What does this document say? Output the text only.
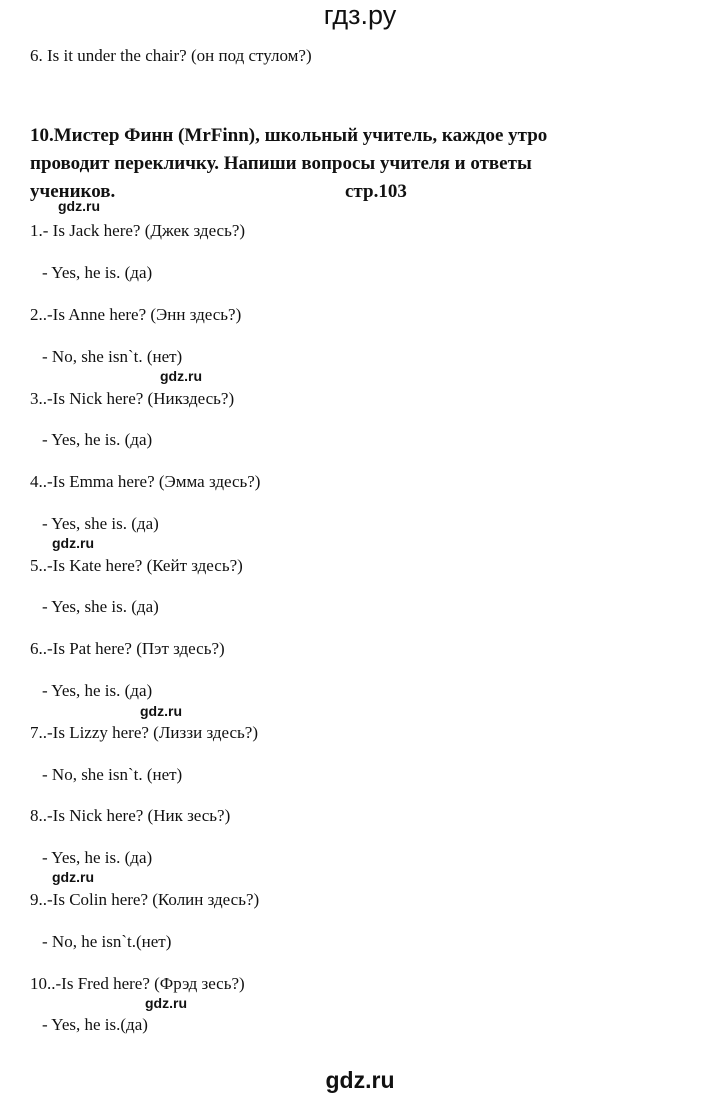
гдз.ру
6. Is it under the chair? (он под стулом?)
10.Мистер Финн (MrFinn), школьный учитель, каждое утро проводит перекличку. Напиши вопросы учителя и ответы учеников.	стр.103
gdz.ru
1.- Is Jack here? (Джек здесь?)
- Yes, he is. (да)
2..-Is Anne here? (Энн здесь?)
- No, she isn`t. (нет)
gdz.ru
3..-Is Nick here? (Никздесь?)
- Yes, he is. (да)
4..-Is Emma here? (Эмма здесь?)
- Yes, she is. (да)
gdz.ru
5..-Is Kate here? (Кейт здесь?)
- Yes, she is. (да)
6..-Is Pat here? (Пэт здесь?)
- Yes, he is. (да)
gdz.ru
7..-Is Lizzy here? (Лиззи здесь?)
- No, she isn`t. (нет)
8..-Is Nick here? (Ник зесь?)
- Yes, he is. (да)
gdz.ru
9..-Is Colin here? (Колин здесь?)
- No, he isn`t.(нет)
10..-Is Fred here? (Фрэд зесь?)
gdz.ru
- Yes, he is.(да)
gdz.ru
